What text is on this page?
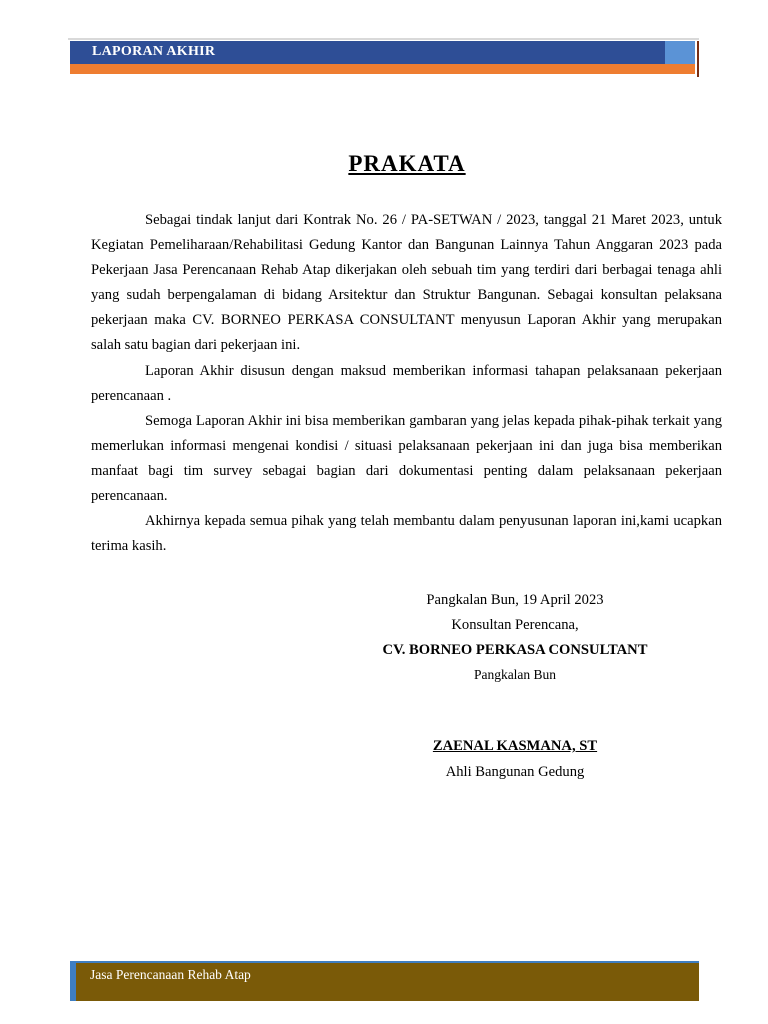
LAPORAN AKHIR
PRAKATA

Sebagai tindak lanjut dari Kontrak No. 26 / PA-SETWAN / 2023, tanggal 21 Maret 2023, untuk Kegiatan Pemeliharaan/Rehabilitasi Gedung Kantor dan Bangunan Lainnya Tahun Anggaran 2023 pada Pekerjaan Jasa Perencanaan Rehab Atap dikerjakan oleh sebuah tim yang terdiri dari berbagai tenaga ahli yang sudah berpengalaman di bidang Arsitektur dan Struktur Bangunan. Sebagai konsultan pelaksana pekerjaan maka CV. BORNEO PERKASA CONSULTANT menyusun Laporan Akhir yang merupakan salah satu bagian dari pekerjaan ini.

Laporan Akhir disusun dengan maksud memberikan informasi tahapan pelaksanaan pekerjaan perencanaan .

Semoga Laporan Akhir ini bisa memberikan gambaran yang jelas kepada pihak-pihak terkait yang memerlukan informasi mengenai kondisi / situasi pelaksanaan pekerjaan ini dan juga bisa memberikan manfaat bagi tim survey sebagai bagian dari dokumentasi penting dalam pelaksanaan pekerjaan perencanaan.

Akhirnya kepada semua pihak yang telah membantu dalam penyusunan laporan ini,kami ucapkan terima kasih.

Pangkalan Bun, 19 April 2023
Konsultan Perencana,
CV. BORNEO PERKASA CONSULTANT
Pangkalan Bun
ZAENAL KASMANA, ST
Ahli Bangunan Gedung
Jasa Perencanaan Rehab Atap
